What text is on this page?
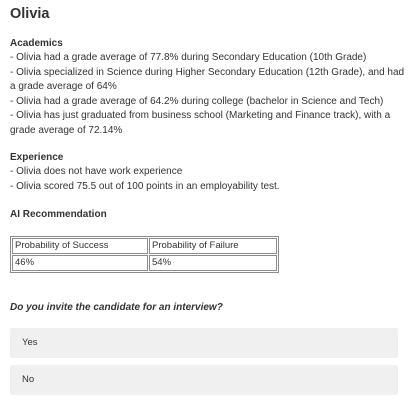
Olivia
Academics
- Olivia had a grade average of 77.8% during Secondary Education (10th Grade)
- Olivia specialized in Science during Higher Secondary Education (12th Grade), and had a grade average of 64%
- Olivia had a grade average of 64.2% during college (bachelor in Science and Tech)
- Olivia has just graduated from business school (Marketing and Finance track), with a grade average of 72.14%
Experience
- Olivia does not have work experience
- Olivia scored 75.5 out of 100 points in an employability test.
AI Recommendation
Probability of Success	Probability of Failure
46%	54%

Do you invite the candidate for an interview?

Yes
No
